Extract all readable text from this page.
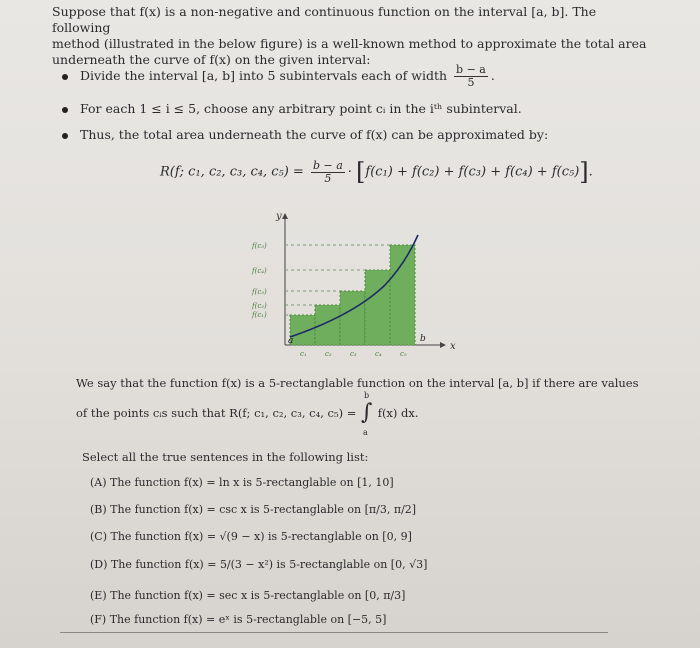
Suppose that f(x) is a non-negative and continuous function on the interval [a, b]. The following
method (illustrated in the below figure) is a well-known method to approximate the total area
underneath the curve of f(x) on the given interval:
Divide the interval [a, b] into 5 subintervals each of width $\frac{b - a}{5}$ .
For each 1 ≤ i ≤ 5, choose any arbitrary point cᵢ in the iᵗʰ subinterval.
Thus, the total area underneath the curve of f(x) can be approximated by:
R(f; c₁, c₂, c₃, c₄, $c_5) = \frac{b - a}{5} \cdot [f(c_1) + f(c_2) + f(c_3) + f(c_4) + f(c_5)]$.
y
x
f(c₅)
f(c₄)
f(c₃)
f(c₂)
f(c₁)
a	b
c₁	c₂	c₃	c₄	c₅
We say that the function f(x) is a 5-rectanglable function on the interval [a, b] if there are values
of the points cᵢs such that R(f; c₁, c₂, c₃, c₄, c₅) =
b
∫
a
f(x) dx.
Select all the true sentences in the following list:
(A) The function f(x) = ln x is 5-rectanglable on [1, 10]
(B) The function f(x) = csc x is 5-rectanglable on [π/3, π/2]
(C) The function f(x) = √(9 − x) is 5-rectanglable on [0, 9]
(D) The function f(x) = 5/(3 − x²) is 5-rectanglable on [0, √3]
(E) The function f(x) = sec x is 5-rectanglable on [0, π/3]
(F) The function f(x) = eˣ is 5-rectanglable on [−5, 5]
